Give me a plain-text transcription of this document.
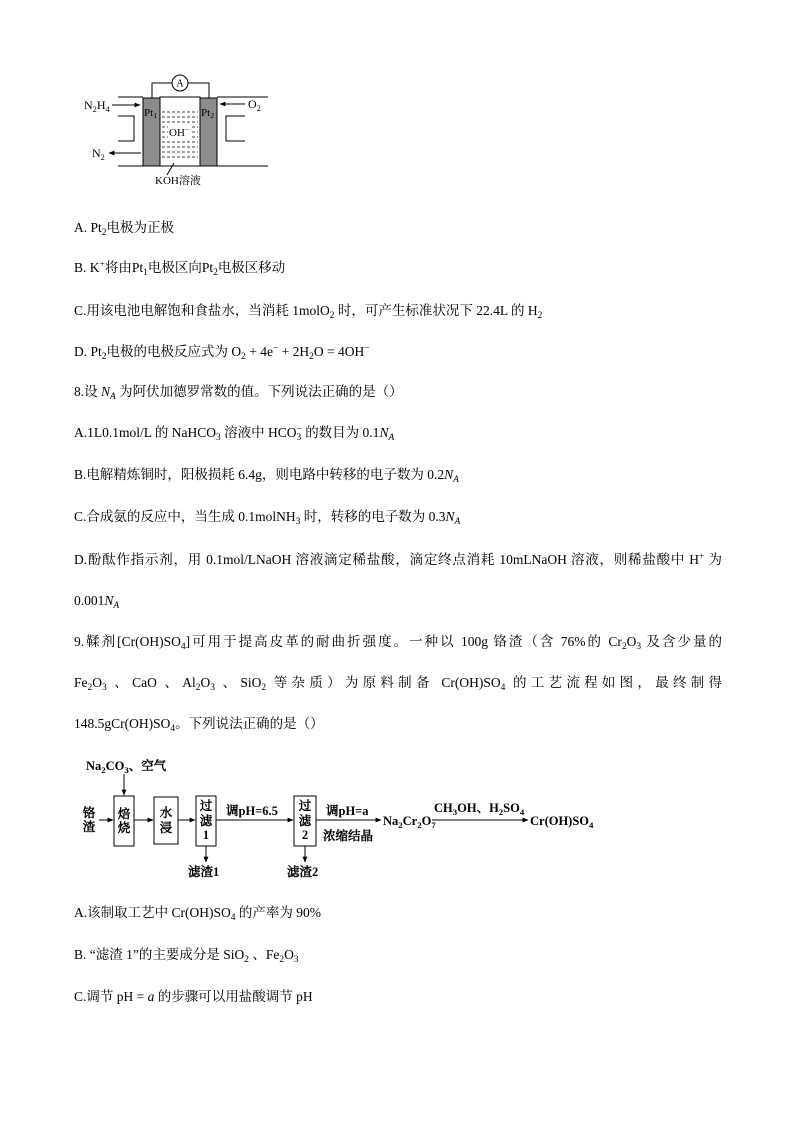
A
$N_2H_4$
$N_2$
$O_2$
$Pt_1$	$Pt_2$
OH−
KOH溶液
A. $Pt_2$电极为正极
B. K+将由$Pt_1$电极区向$Pt_2$电极区移动
C.用该电池电解饱和食盐水，当消耗 1molO$_2$ 时，可产生标准状况下 22.4L 的 $H_2$
D. $Pt_2$电极的电极反应式为 $O_2 + 4e^- + 2H_2O = 4OH^-$
8.设 $N_A$ 为阿伏加德罗常数的值。下列说法正确的是（）
A.1L0.1mol/L 的 NaHCO$_3$ 溶液中 $HCO_3^-$ 的数目为 $0.1N_A$
B.电解精炼铜时，阳极损耗 6.4g，则电路中转移的电子数为 $0.2N_A$
C.合成氨的反应中，当生成 0.1molNH$_3$ 时，转移的电子数为 $0.3N_A$
D.酚酞作指示剂，用 0.1mol/LNaOH 溶液滴定稀盐酸，滴定终点消耗 10mLNaOH 溶液，则稀盐酸中 H+ 为
$0.001N_A$
9.鞣剂$[Cr(OH)SO_4]$可用于提高皮革的耐曲折强度。一种以 100g 铬渣（含 76%的 $Cr_2O_3$ 及含少量的
$Fe_2O_3$ 、CaO 、$Al_2O_3$ 、SiO$_2$ 等杂质）为原料制备 $Cr(OH)SO_4$ 的工艺流程如图，最终制得
$148.5gCr(OH)SO_4$。下列说法正确的是（）
$Na_2CO_3$、空气
铬渣
焙烧
水浸
过滤1
过滤2
调pH=6.5
滤渣1	滤渣2
调pH=a
浓缩结晶
$Na_2Cr_2O_7$
$CH_3OH$、$H_2SO_4$
$Cr(OH)SO_4$
A.该制取工艺中 $Cr(OH)SO_4$ 的产率为 90%
B. “滤渣 1”的主要成分是 SiO$_2$ 、$Fe_2O_3$
C.调节 pH = a 的步骤可以用盐酸调节 pH
